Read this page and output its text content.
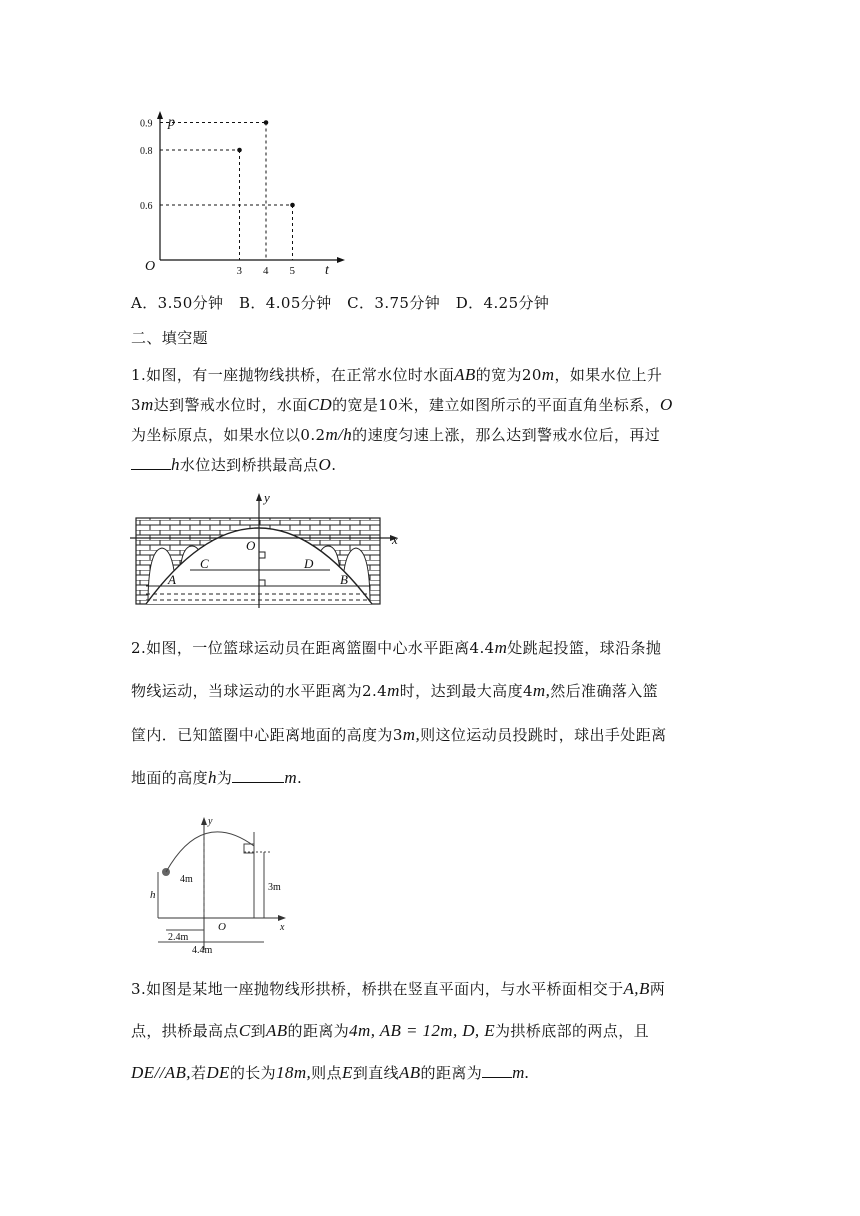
p
t
O	3 4 5
0.9
0.8
0.6
A．3.50分钟 B．4.05分钟 C．3.75分钟 D．4.25分钟
二、填空题
1.如图，有一座抛物线拱桥，在正常水位时水面AB的宽为20m，如果水位上升
3m达到警戒水位时，水面CD的宽是10米，建立如图所示的平面直角坐标系，O
为坐标原点，如果水位以0.2m/h的速度匀速上涨，那么达到警戒水位后，再过
h水位达到桥拱最高点O.
y
x
O
C	D
A	B
2.如图，一位篮球运动员在距离篮圈中心水平距离4.4m处跳起投篮，球沿条抛
物线运动，当球运动的水平距离为2.4m时，达到最大高度4m,然后准确落入篮
筐内．已知篮圈中心距离地面的高度为3m,则这位运动员投跳时，球出手处距离
地面的高度h为	m.
y
x
h
4m
3m
O
2.4m
4.4m
3.如图是某地一座抛物线形拱桥，桥拱在竖直平面内，与水平桥面相交于A,B两
点，拱桥最高点C到AB的距离为4m, AB = 12m, D, E为拱桥底部的两点，且
DE//AB,若DE的长为18m,则点E到直线AB的距离为 m.
